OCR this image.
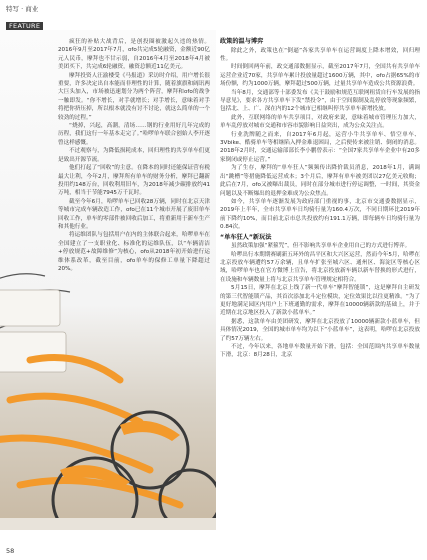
特写 · 商业
FEATURE

疯狂的补贴大战背后，是创投圈被激起久违的热情。2016年9月至2017年7月，ofo共完成5轮融资，金额近90亿元人民币，摩拜也不甘示弱，自2016年4月至2018年4月被美团买下，共完成6轮融资，融资总额近11亿美元。

摩拜投资人汪渝楼受《马报道》采访时介绍，用户增长很重要，许多决定出自本能而非理性的计算，随着旗旗和阔讯两大巨头加入，市场被迅速划分为两个阵营，摩拜和ofo的战争一触即发。“你不增长，对手就增长；对手增长，意味着对手将把你挤压掉，所以根本就没有讨不讨论，就这么简单的一个较劲的过程。”

“烧掉，兴起，高潮，清场……钢的行业用好几年完成的历程，我们这行一年基本走完了。”哈啰单车联合创始人李开逐曾这样感慨。

不过观察与，为降低损耗成本，回归理性的共享单车们更是致出开源节流。

他们打起了“回收”的主意。在降本的同时还能保证营有税最大让利，今年2月，摩拜所有单车的财务分析，摩拜已翻新投用约148万台，回收利用旧车，为2018年减少碳排放约41万吨，相当于节能7945万千瓦时。

截至今年6月，哈啰单车已回收28万辆，同时在北京天津等城市完成车辆改造工作，ofo已在11个城市开展了废旧单车回收工作，单车的零部件被回收后加工，将重新用于新车生产和其他行业。

将运维团队与包括用户在内的主体联合起来，哈啰单车在全国建立了一支职业化、标准化的运维队伍，以“车辆清洁+停放规范+故障维修”为核心，ofo从2018年初开始进行运维体系改革，截至目前，ofo单车的保修工单量下降超过20%。

政策的温与博弈

除此之外，政策也在“倒逼”各家共享单车在运营调度上降本增效，回归理性。

时间倒回两年前，政交通部数据显示，截至2017年7月，全国共有共享单车运营企业近70家，共享单车累计投放量超过1600万辆，其中，ofo占据65%的市场份额，约为1000万辆，摩拜超过500万辆，过量共享单车造成公共资源浪费。

当年8月，交通部等十部委发布《关于鼓励和规范互联网租赁自行车发展的指导意见》，要求各方共享单车下发“禁投令”，由于空间限制及乱停放等现象频繁，包括北、上、广、深在内的12个城市已相继叫停共享单车新增投放。

此外，互联网络的单车共享项目，对政府来说，意味着城市管理压力加大，单车乱停放对城市交通和市容市貌影响日益突出，成为公众关注点。

行业洗牌随之而来，自2017年6月起，运营小牛共享单车、悟空单车、3Vbike、酷骑单车等相继陷入押金难退困局，之后便传来被注销、倒闭的消息。2018年2月时，交通运输部部长李小鹏曾表示：“全国7家共享单车企业中有20多家倒闭或停止运营。”

为了生存，摩拜的“单车狂人”频频传出降价裁员消息，2018年1月，满调出“跳槽”等措施降低运营成本；3个月后，摩拜有单车被美团以27亿美元收购；此后在7月，ofo又被曝出裁员，同时在部分城市进行停运调整，一时间，其资金问题以及不断爆出的退押金难成为公众焦点。

如今，共享单车逐渐发展为政府部门重视的事，北京市交通委数据显示，2019年上半年，全市共享单车日均骑行量为160.4万次，不同日期环比2019年前下降约10%，而目前北京市总共投放约有191.1万辆，即每辆车日均骑行量为0.84次。

“单车狂人”新玩法

虽然政策加强“紧箍咒”，但不影响共享单车企业用自己的方式进行博弈。

哈啰出行本期期赛刷新五环外的昌平区和大兴区运营，然而今年5月，哈啰在北京投放车辆遭约57万余辆，且单车扩张至城六区、通州区、海淀区等核心区域，哈啰单车也在官方微博上宣告，将北京投放新车辆以新车替换的形式进行，在设施和车辆数量上将与北京共享单车管理规定相符合。

5月15日，摩拜在北京上线了新一代单车“摩拜智能锁”，这是摩拜自主研发的第三代智能锁产品，其首次添加北斗定位模块，定位效果比以往更精准。“为了更好地满足园区内用户上下班通勤的需求，摩拜在10000辆新款的基础上，并于近期在北京地区投入了新款小蓝单车。”

据悉，这款单车由美团研发，摩拜在北京投放了10000辆新款小蓝单车，但具体情况2019，全国的城市单车均为以下“小蓝单车”，这表明，哈啰在北京投放了约57万辆左右。

不过，今年以来，各地单车数量开始下滑，包括：全国范围内共享单车数量下滑，北京：8月28日，北京

58
